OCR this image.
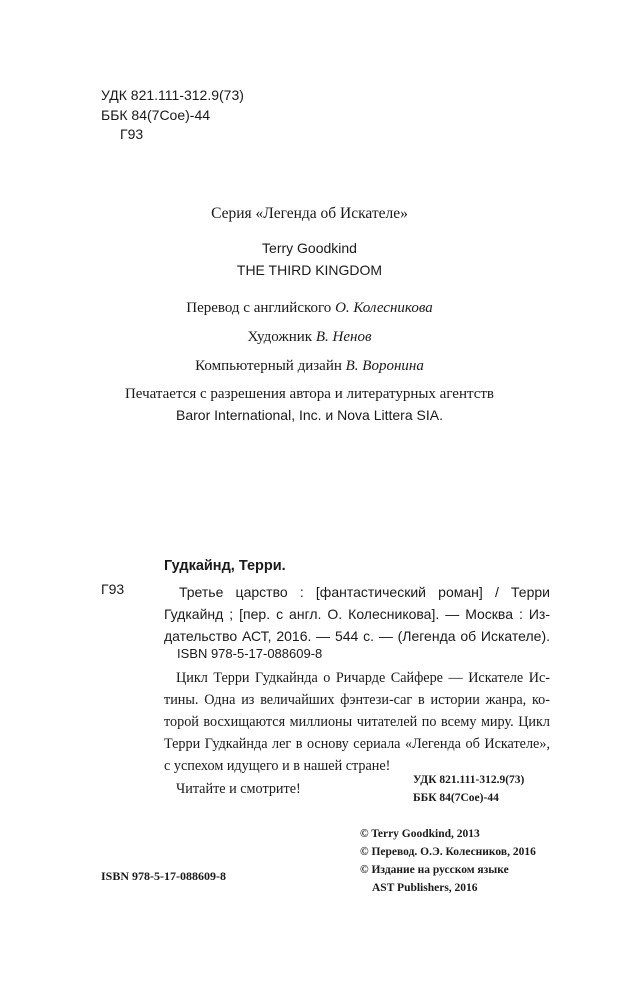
УДК 821.111-312.9(73)
ББК 84(7Сое)-44
Г93
Серия «Легенда об Искателе»
Terry Goodkind
THE THIRD KINGDOM
Перевод с английского О. Колесникова
Художник В. Ненов
Компьютерный дизайн В. Воронина
Печатается с разрешения автора и литературных агентств
Baror International, Inc. и Nova Littera SIA.
Гудкайнд, Терри.
Г93	Третье царство : [фантастический роман] / Терри
Гудкайнд ; [пер. с англ. О. Колесникова]. — Москва : Из-
дательство АСТ, 2016. — 544 с. — (Легенда об Искателе).
ISBN 978-5-17-088609-8
Цикл Терри Гудкайнда о Ричарде Сайфере — Искателе Ис-
тины. Одна из величайших фэнтези-саг в истории жанра, ко-
торой восхищаются миллионы читателей по всему миру. Цикл
Терри Гудкайнда лег в основу сериала «Легенда об Искателе»,
с успехом идущего и в нашей стране!
Читайте и смотрите!
УДК 821.111-312.9(73)
ББК 84(7Сое)-44
ISBN 978-5-17-088609-8
© Terry Goodkind, 2013
© Перевод. О.Э. Колесников, 2016
© Издание на русском языке
AST Publishers, 2016
